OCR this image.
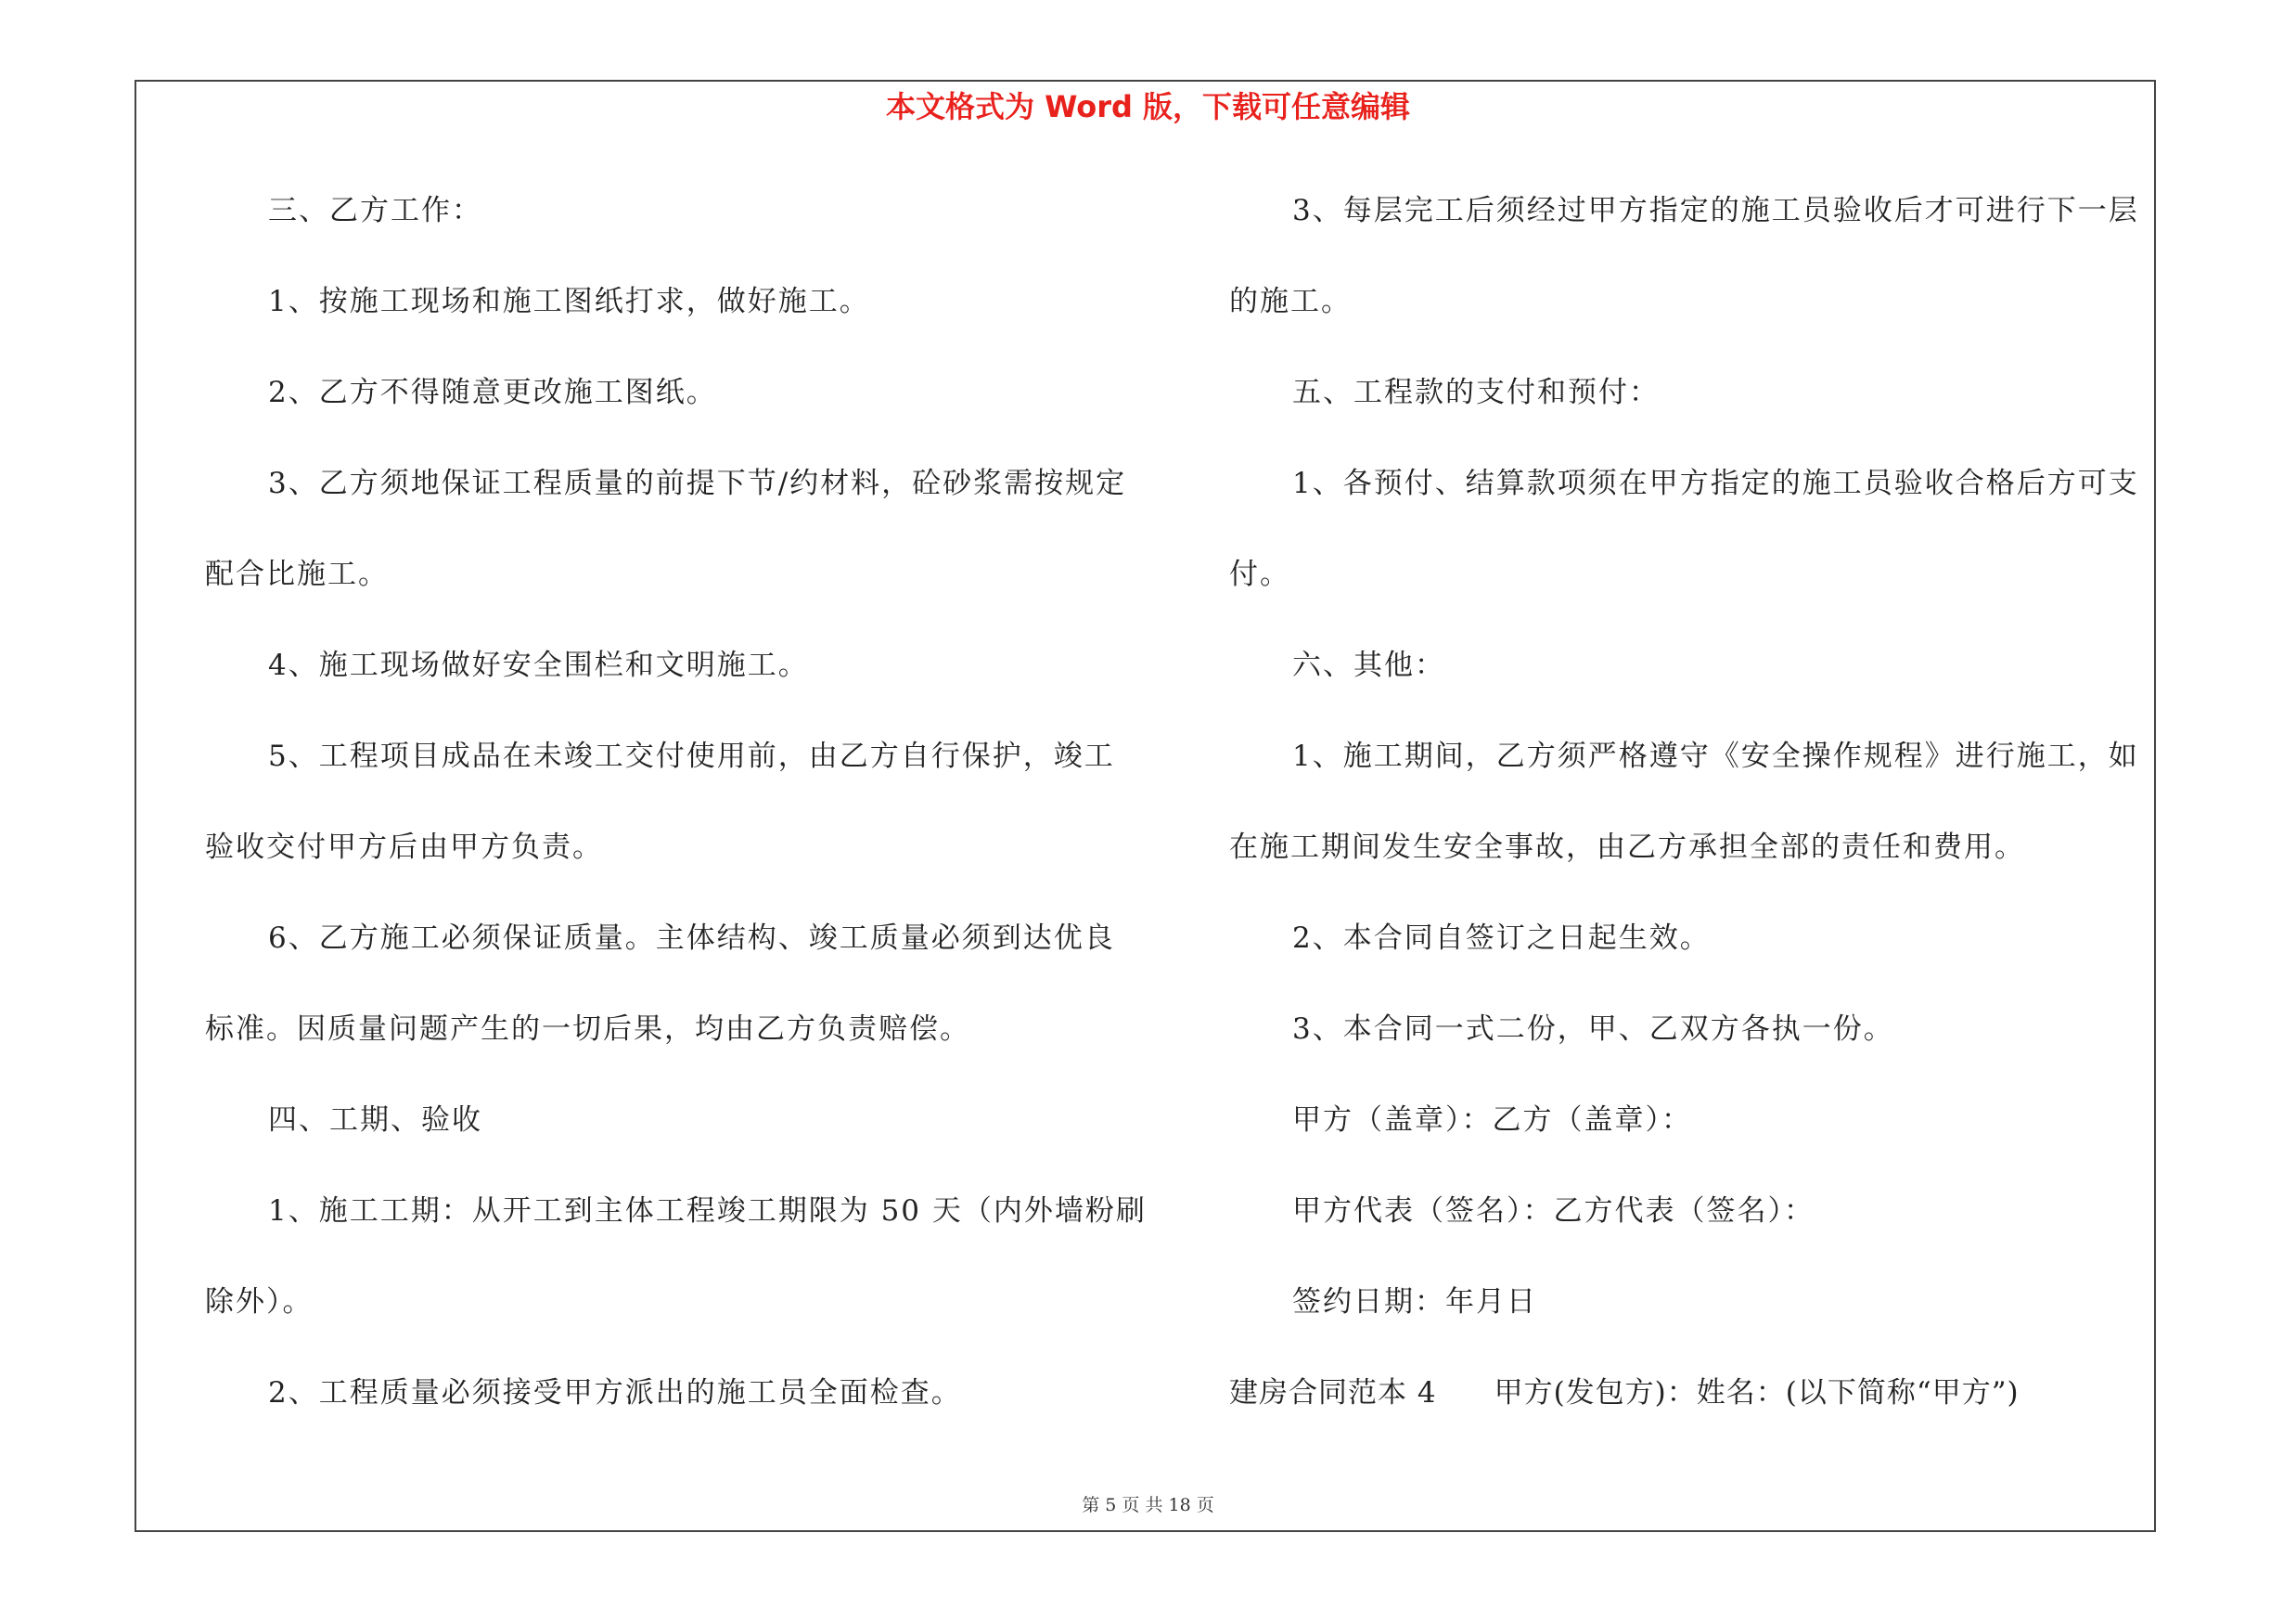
本文格式为 Word 版，下载可任意编辑
三、乙方工作：
1、按施工现场和施工图纸打求，做好施工。
2、乙方不得随意更改施工图纸。
3、乙方须地保证工程质量的前提下节/约材料，砼砂浆需按规定
配合比施工。
4、施工现场做好安全围栏和文明施工。
5、工程项目成品在未竣工交付使用前，由乙方自行保护，竣工
验收交付甲方后由甲方负责。
6、乙方施工必须保证质量。主体结构、竣工质量必须到达优良
标准。因质量问题产生的一切后果，均由乙方负责赔偿。
四、工期、验收
1、施工工期：从开工到主体工程竣工期限为 50 天（内外墙粉刷
除外）。
2、工程质量必须接受甲方派出的施工员全面检查。
3、每层完工后须经过甲方指定的施工员验收后才可进行下一层
的施工。
五、工程款的支付和预付：
1、各预付、结算款项须在甲方指定的施工员验收合格后方可支
付。
六、其他：
1、施工期间，乙方须严格遵守《安全操作规程》进行施工，如
在施工期间发生安全事故，由乙方承担全部的责任和费用。
2、本合同自签订之日起生效。
3、本合同一式二份，甲、乙双方各执一份。
甲方（盖章）：乙方（盖章）：
甲方代表（签名）：乙方代表（签名）：
签约日期：年月日
建房合同范本 4 甲方(发包方)：姓名：(以下简称“甲方”)
第 5 页 共 18 页
